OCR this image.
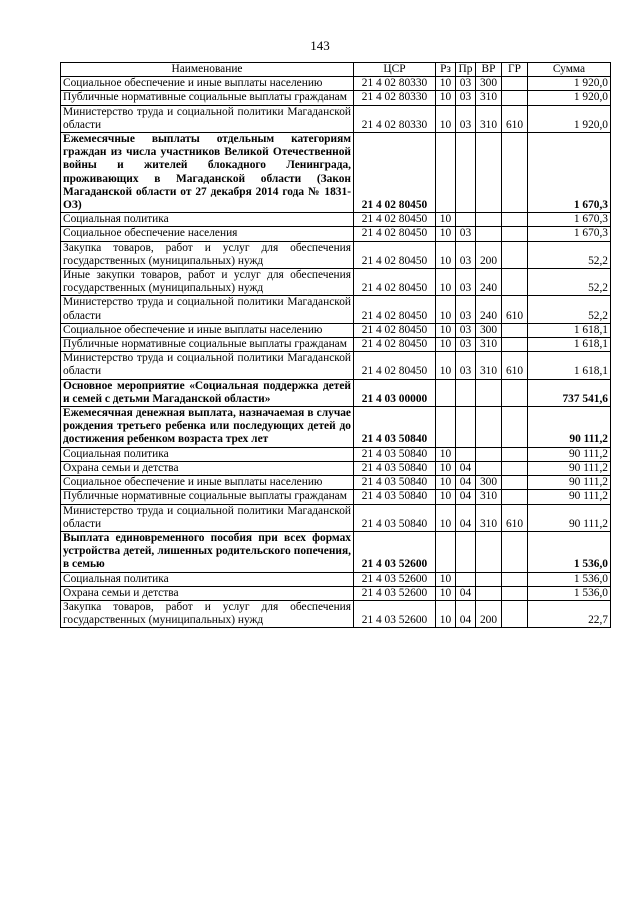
143
Наименование	ЦСР	Рз	Пр	ВР	ГР	Сумма
Социальное обеспечение и иные выплаты населению	21 4 02 80330	10	03	300		1 920,0
Публичные нормативные социальные выплаты гражданам	21 4 02 80330	10	03	310		1 920,0
Министерство труда и социальной политики Магаданской области	21 4 02 80330	10	03	310	610	1 920,0
Ежемесячные выплаты отдельным категориям граждан из числа участников Великой Отечественной войны и жителей блокадного Ленинграда, проживающих в Магаданской области (Закон Магаданской области от 27 декабря 2014 года № 1831-ОЗ)	21 4 02 80450					1 670,3
Социальная политика	21 4 02 80450	10				1 670,3
Социальное обеспечение населения	21 4 02 80450	10	03			1 670,3
Закупка товаров, работ и услуг для обеспечения государственных (муниципальных) нужд	21 4 02 80450	10	03	200		52,2
Иные закупки товаров, работ и услуг для обеспечения государственных (муниципальных) нужд	21 4 02 80450	10	03	240		52,2
Министерство труда и социальной политики Магаданской области	21 4 02 80450	10	03	240	610	52,2
Социальное обеспечение и иные выплаты населению	21 4 02 80450	10	03	300		1 618,1
Публичные нормативные социальные выплаты гражданам	21 4 02 80450	10	03	310		1 618,1
Министерство труда и социальной политики Магаданской области	21 4 02 80450	10	03	310	610	1 618,1
Основное мероприятие «Социальная поддержка детей и семей с детьми Магаданской области»	21 4 03 00000					737 541,6
Ежемесячная денежная выплата, назначаемая в случае рождения третьего ребенка или последующих детей до достижения ребенком возраста трех лет	21 4 03 50840					90 111,2
Социальная политика	21 4 03 50840	10				90 111,2
Охрана семьи и детства	21 4 03 50840	10	04			90 111,2
Социальное обеспечение и иные выплаты населению	21 4 03 50840	10	04	300		90 111,2
Публичные нормативные социальные выплаты гражданам	21 4 03 50840	10	04	310		90 111,2
Министерство труда и социальной политики Магаданской области	21 4 03 50840	10	04	310	610	90 111,2
Выплата единовременного пособия при всех формах устройства детей, лишенных родительского попечения, в семью	21 4 03 52600					1 536,0
Социальная политика	21 4 03 52600	10				1 536,0
Охрана семьи и детства	21 4 03 52600	10	04			1 536,0
Закупка товаров, работ и услуг для обеспечения государственных (муниципальных) нужд	21 4 03 52600	10	04	200		22,7
